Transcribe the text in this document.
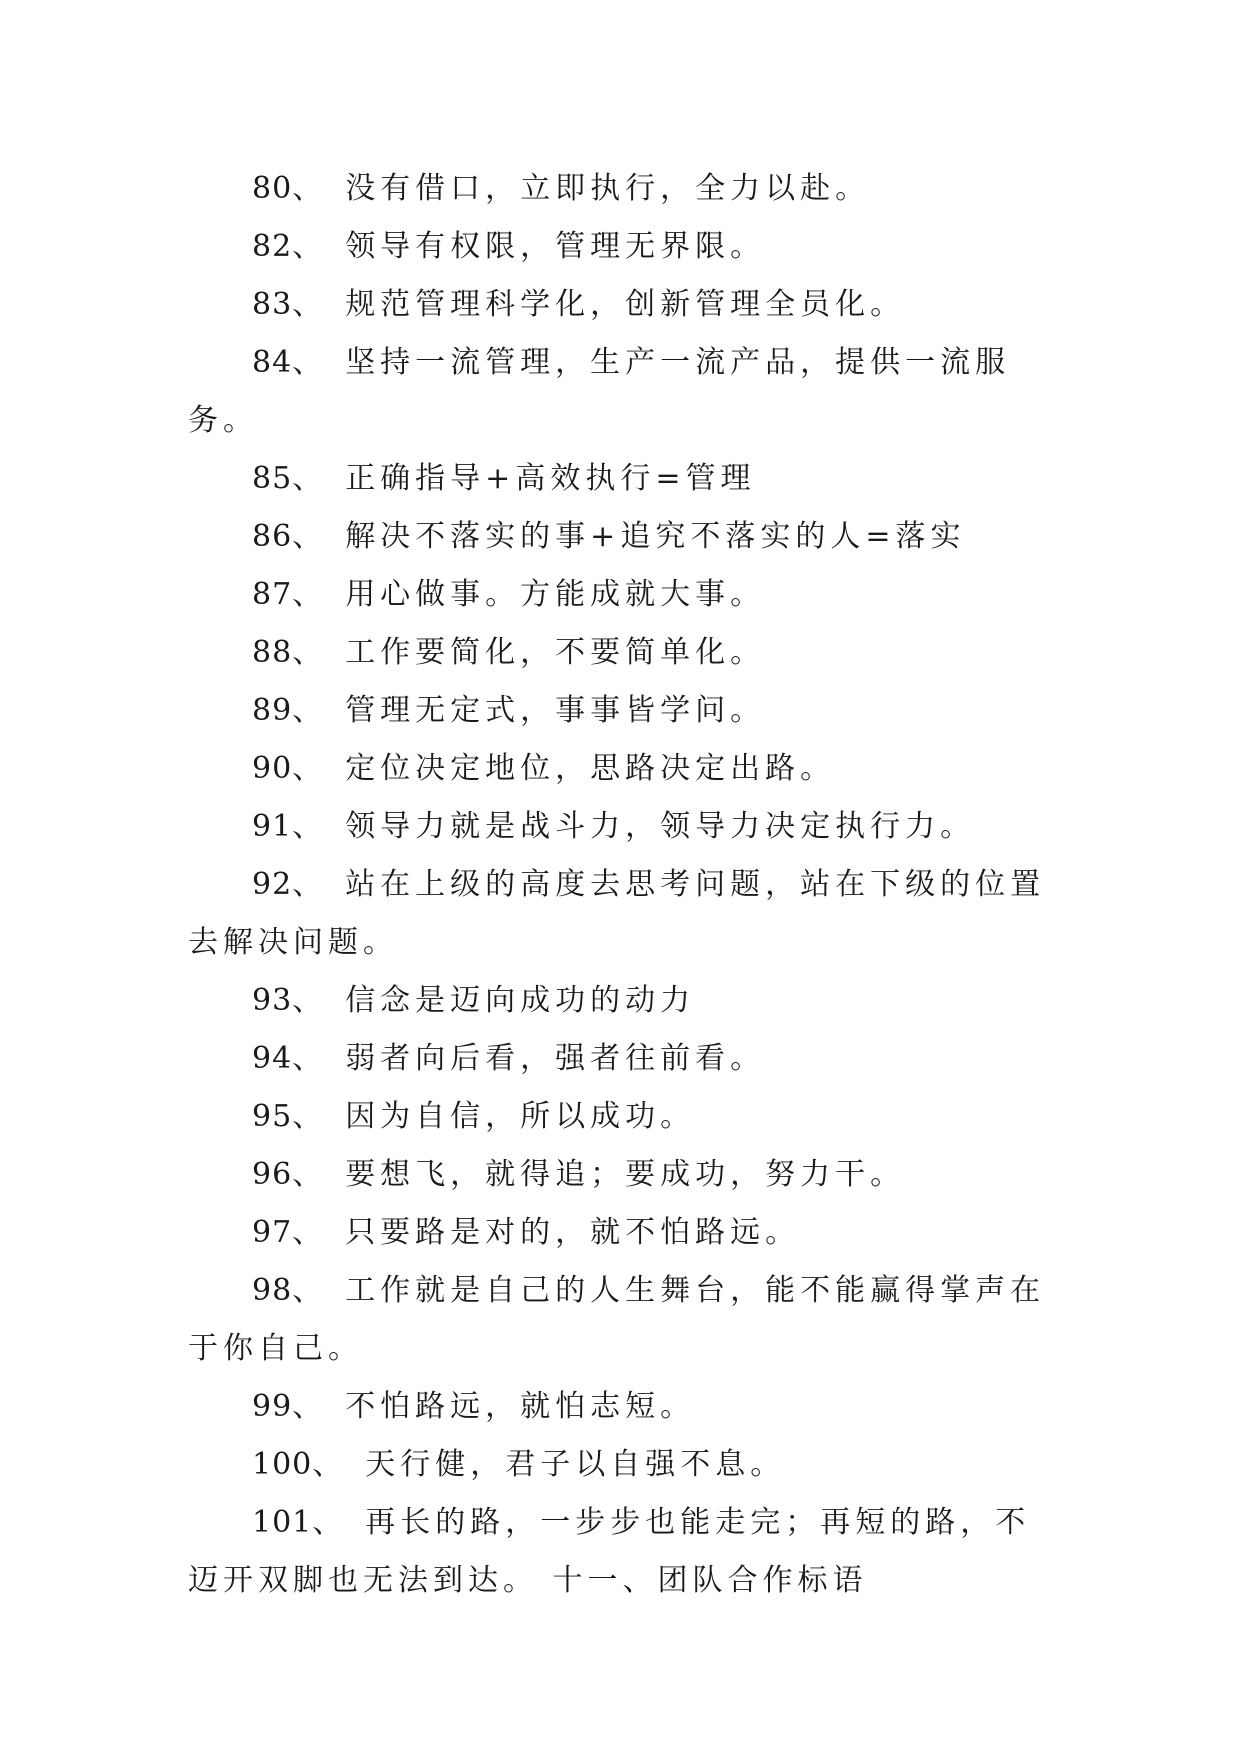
80、 没有借口，立即执行，全力以赴。

82、 领导有权限，管理无界限。

83、 规范管理科学化，创新管理全员化。

84、 坚持一流管理，生产一流产品，提供一流服务。

85、 正确指导+高效执行=管理

86、 解决不落实的事+追究不落实的人=落实

87、 用心做事。方能成就大事。

88、 工作要简化，不要简单化。

89、 管理无定式，事事皆学问。

90、 定位决定地位，思路决定出路。

91、 领导力就是战斗力，领导力决定执行力。

92、 站在上级的高度去思考问题，站在下级的位置去解决问题。

93、 信念是迈向成功的动力

94、 弱者向后看，强者往前看。

95、 因为自信，所以成功。

96、 要想飞，就得追；要成功，努力干。

97、 只要路是对的，就不怕路远。

98、 工作就是自己的人生舞台，能不能赢得掌声在于你自己。

99、 不怕路远，就怕志短。

100、 天行健，君子以自强不息。

101、 再长的路，一步步也能走完；再短的路，不迈开双脚也无法到达。 十一、团队合作标语
